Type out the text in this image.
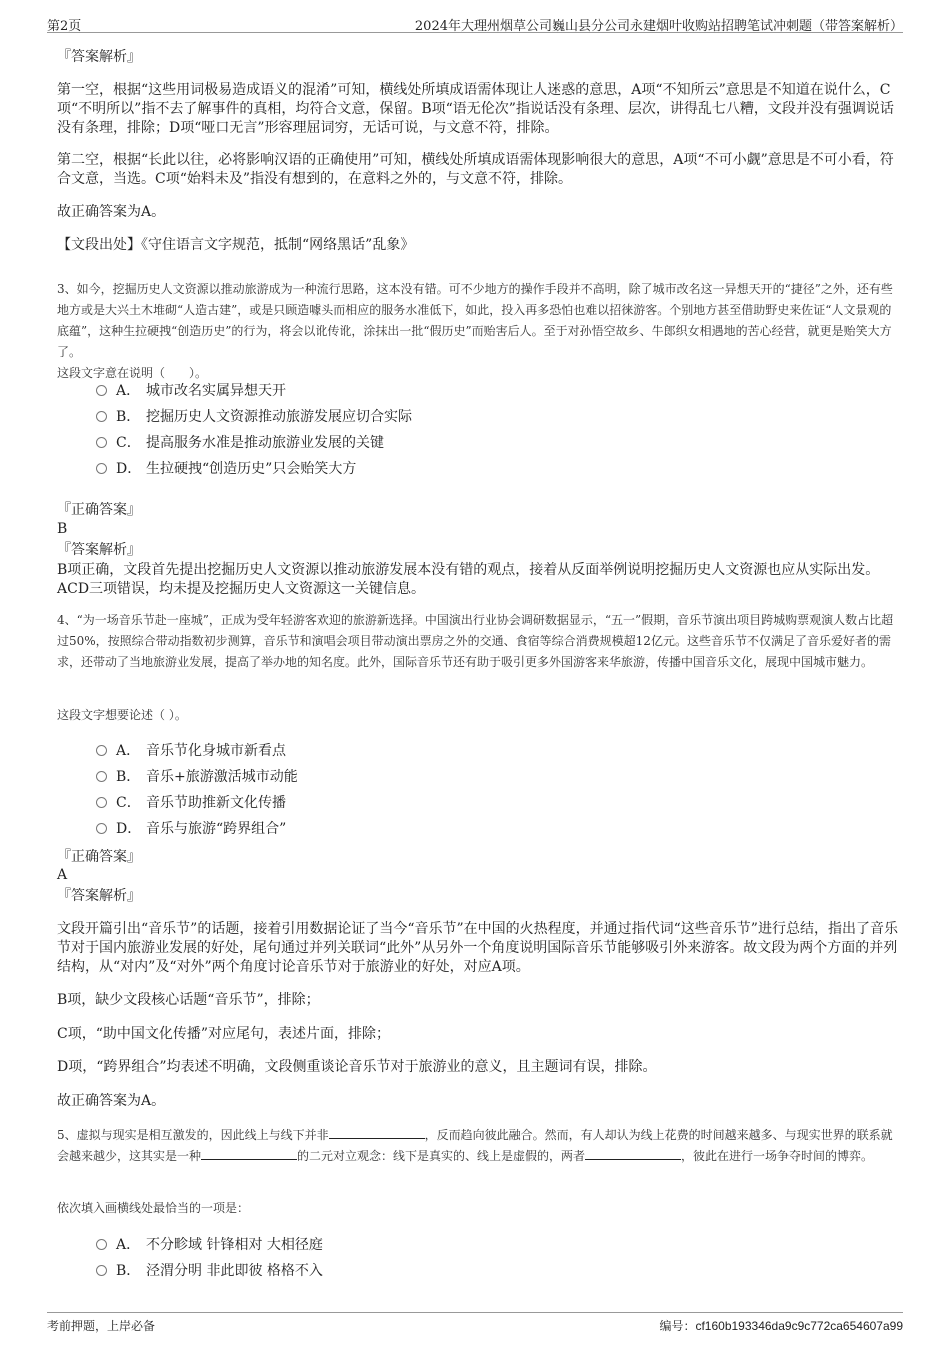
第2页	2024年大理州烟草公司巍山县分公司永建烟叶收购站招聘笔试冲刺题（带答案解析）
『答案解析』
第一空，根据“这些用词极易造成语义的混淆”可知，横线处所填成语需体现让人迷惑的意思，A项“不知所云”意思是不知道在说什么，C项“不明所以”指不去了解事件的真相，均符合文意，保留。B项“语无伦次”指说话没有条理、层次，讲得乱七八糟，文段并没有强调说话没有条理，排除；D项“哑口无言”形容理屈词穷，无话可说，与文意不符，排除。
第二空，根据“长此以往，必将影响汉语的正确使用”可知，横线处所填成语需体现影响很大的意思，A项“不可小觑”意思是不可小看，符合文意，当选。C项“始料未及”指没有想到的，在意料之外的，与文意不符，排除。
故正确答案为A。
【文段出处】《守住语言文字规范，抵制“网络黑话”乱象》
3、如今，挖掘历史人文资源以推动旅游成为一种流行思路，这本没有错。可不少地方的操作手段并不高明，除了城市改名这一异想天开的“捷径”之外，还有些地方或是大兴土木堆砌“人造古建”，或是只顾造噱头而相应的服务水准低下，如此，投入再多恐怕也难以招徕游客。个别地方甚至借助野史来佐证“人文景观的底蕴”，这种生拉硬拽“创造历史”的行为，将会以讹传讹，涂抹出一批“假历史”而贻害后人。至于对孙悟空故乡、牛郎织女相遇地的苦心经营，就更是贻笑大方了。
这段文字意在说明（　　）。
A． 城市改名实属异想天开
B． 挖掘历史人文资源推动旅游发展应切合实际
C． 提高服务水准是推动旅游业发展的关键
D． 生拉硬拽“创造历史”只会贻笑大方
『正确答案』
B
『答案解析』
B项正确，文段首先提出挖掘历史人文资源以推动旅游发展本没有错的观点，接着从反面举例说明挖掘历史人文资源也应从实际出发。ACD三项错误，均未提及挖掘历史人文资源这一关键信息。
4、“为一场音乐节赴一座城”，正成为受年轻游客欢迎的旅游新选择。中国演出行业协会调研数据显示，“五一”假期，音乐节演出项目跨城购票观演人数占比超过50%，按照综合带动指数初步测算，音乐节和演唱会项目带动演出票房之外的交通、食宿等综合消费规模超12亿元。这些音乐节不仅满足了音乐爱好者的需求，还带动了当地旅游业发展，提高了举办地的知名度。此外，国际音乐节还有助于吸引更多外国游客来华旅游，传播中国音乐文化，展现中国城市魅力。
这段文字想要论述（ ）。
A． 音乐节化身城市新看点
B． 音乐+旅游激活城市动能
C． 音乐节助推新文化传播
D． 音乐与旅游“跨界组合”
『正确答案』
A
『答案解析』
文段开篇引出“音乐节”的话题，接着引用数据论证了当今“音乐节”在中国的火热程度，并通过指代词“这些音乐节”进行总结，指出了音乐节对于国内旅游业发展的好处，尾句通过并列关联词“此外”从另外一个角度说明国际音乐节能够吸引外来游客。故文段为两个方面的并列结构，从“对内”及“对外”两个角度讨论音乐节对于旅游业的好处，对应A项。
B项，缺少文段核心话题“音乐节”，排除；
C项，“助中国文化传播”对应尾句，表述片面，排除；
D项，“跨界组合”均表述不明确，文段侧重谈论音乐节对于旅游业的意义，且主题词有误，排除。
故正确答案为A。
5、虚拟与现实是相互激发的，因此线上与线下并非	，反而趋向彼此融合。然而，有人却认为线上花费的时间越来越多、与现实世界的联系就会越来越少，这其实是一种	的二元对立观念：线下是真实的、线上是虚假的，两者	，彼此在进行一场争夺时间的博弈。
依次填入画横线处最恰当的一项是：
A． 不分畛域 针锋相对 大相径庭
B． 泾渭分明 非此即彼 格格不入
考前押题，上岸必备	编号：cf160b193346da9c9c772ca654607a99
